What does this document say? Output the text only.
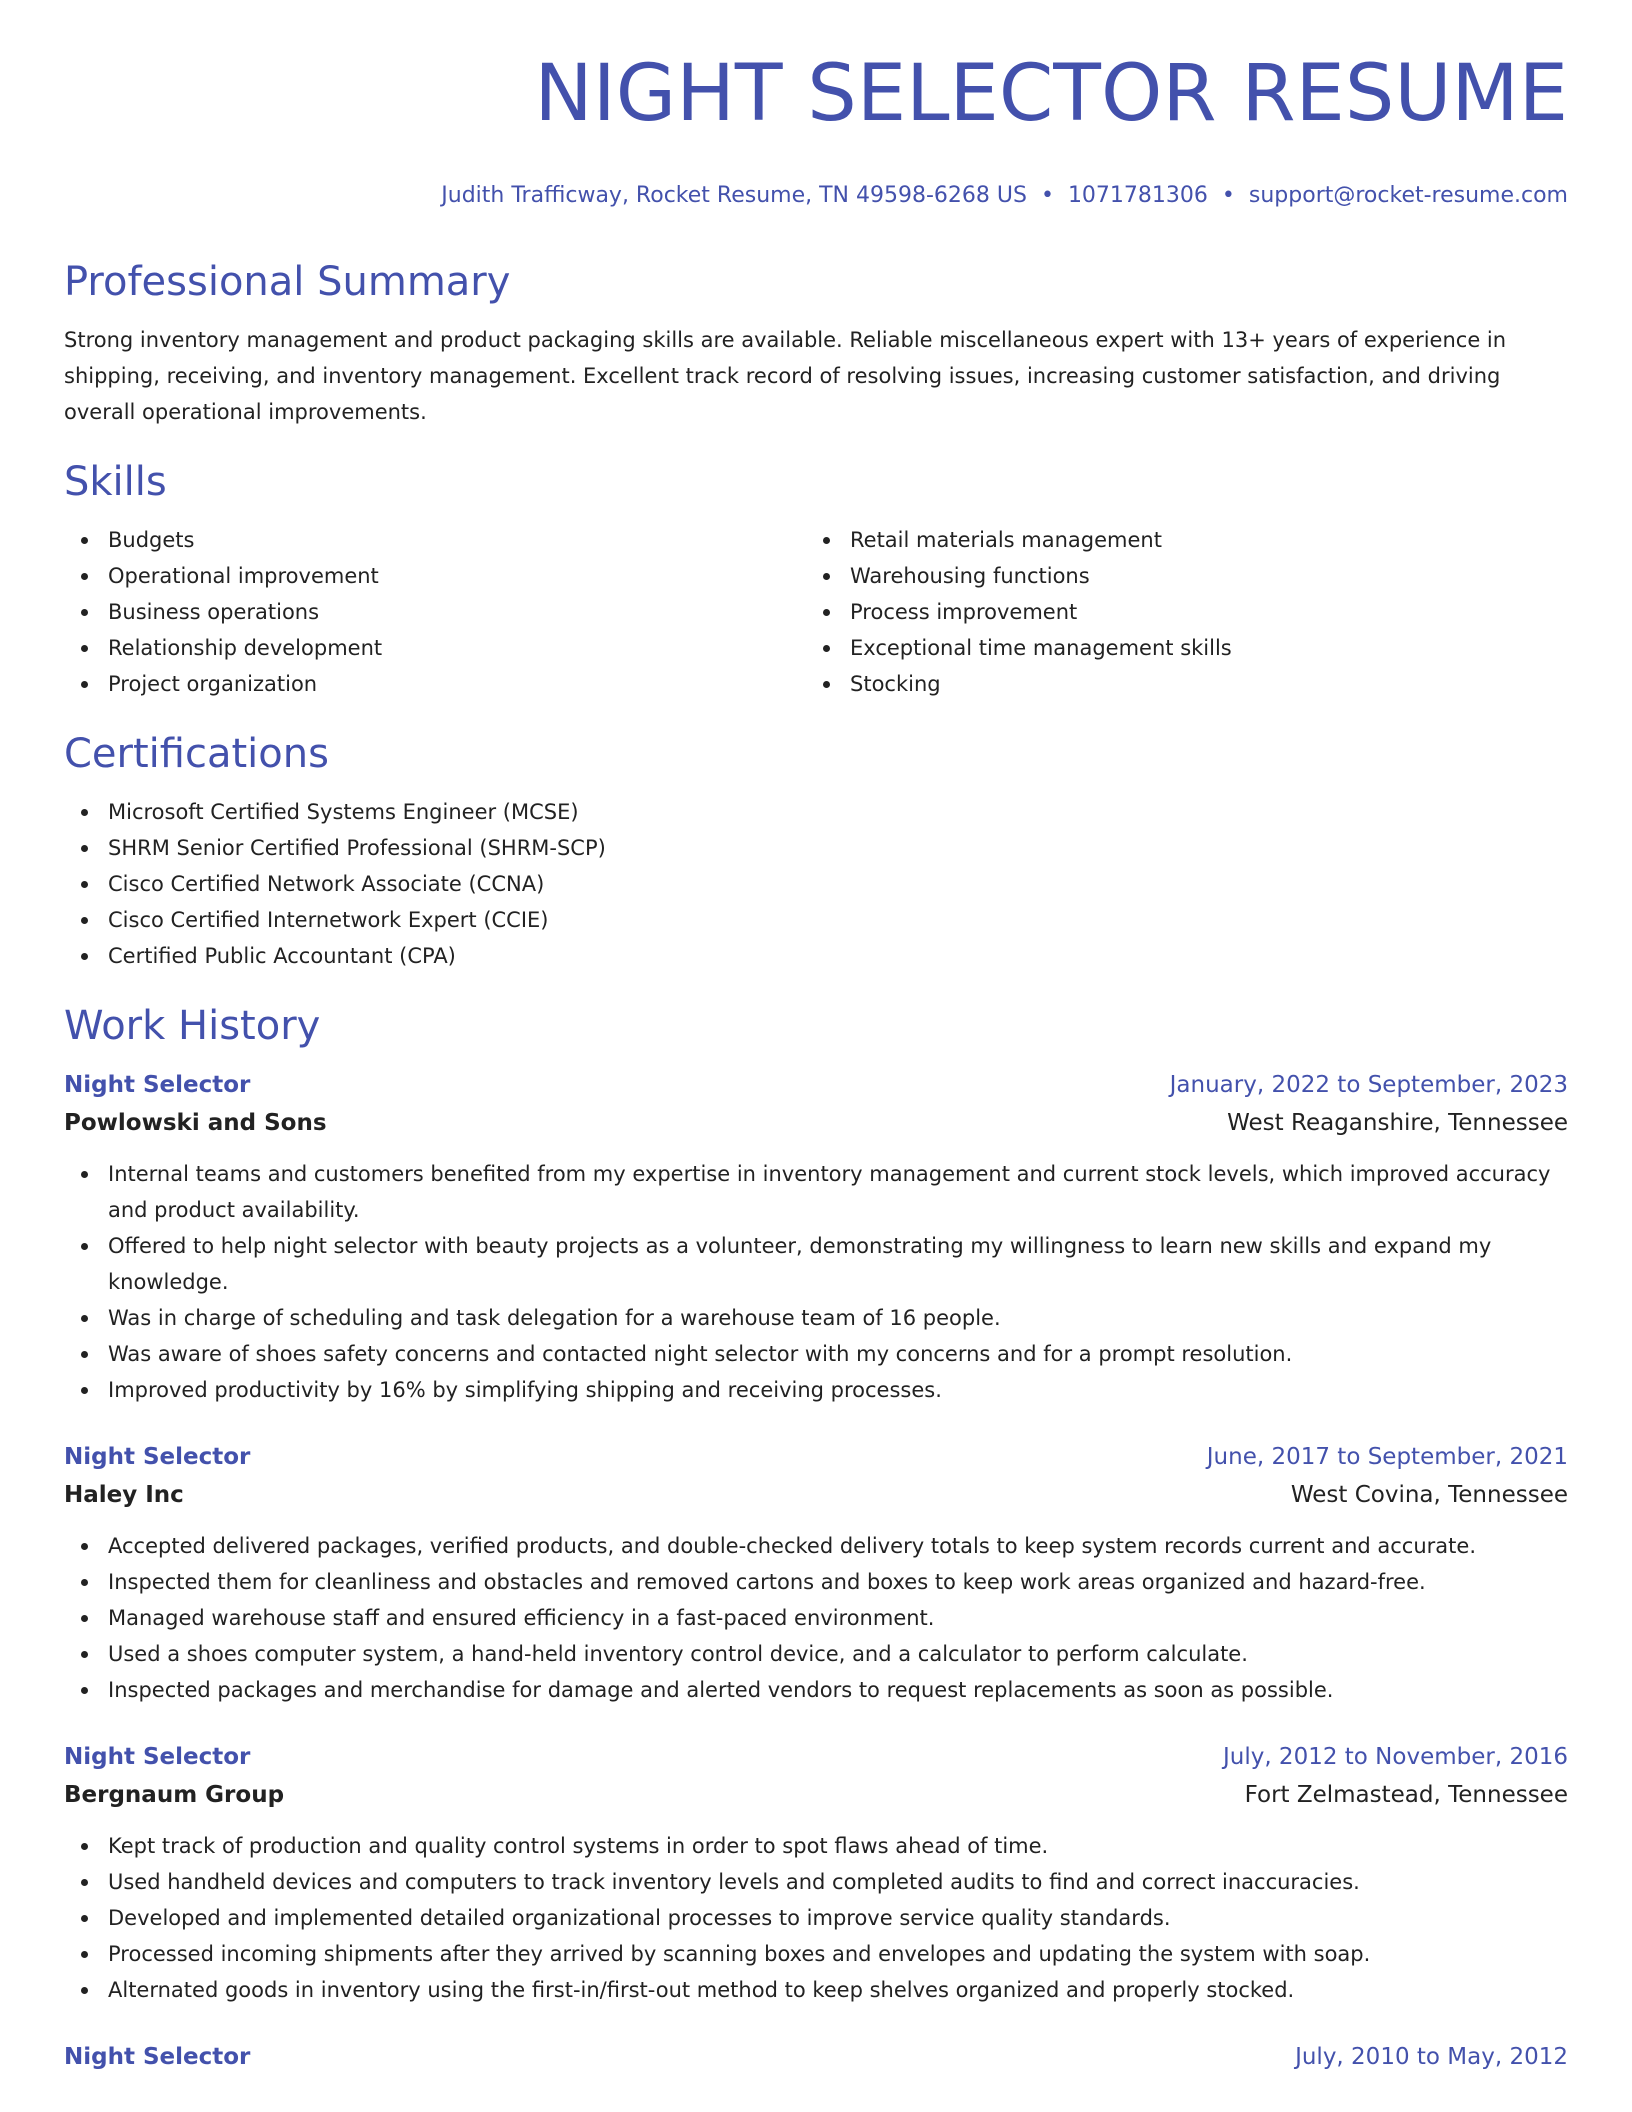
NIGHT SELECTOR RESUME
Judith Trafficway, Rocket Resume, TN 49598-6268 US • 1071781306 • support@rocket-resume.com
Professional Summary

Strong inventory management and product packaging skills are available. Reliable miscellaneous expert with 13+ years of experience in shipping, receiving, and inventory management. Excellent track record of resolving issues, increasing customer satisfaction, and driving overall operational improvements.

Skills
Budgets
Operational improvement
Business operations
Relationship development
Project organization
Retail materials management
Warehousing functions
Process improvement
Exceptional time management skills
Stocking
Certifications
Microsoft Certified Systems Engineer (MCSE)
SHRM Senior Certified Professional (SHRM-SCP)
Cisco Certified Network Associate (CCNA)
Cisco Certified Internetwork Expert (CCIE)
Certified Public Accountant (CPA)
Work History
Night Selector	January, 2022 to September, 2023
Powlowski and Sons	West Reaganshire, Tennessee
Internal teams and customers benefited from my expertise in inventory management and current stock levels, which improved accuracy and product availability.
Offered to help night selector with beauty projects as a volunteer, demonstrating my willingness to learn new skills and expand my knowledge.
Was in charge of scheduling and task delegation for a warehouse team of 16 people.
Was aware of shoes safety concerns and contacted night selector with my concerns and for a prompt resolution.
Improved productivity by 16% by simplifying shipping and receiving processes.
Night Selector	June, 2017 to September, 2021
Haley Inc	West Covina, Tennessee
Accepted delivered packages, verified products, and double-checked delivery totals to keep system records current and accurate.
Inspected them for cleanliness and obstacles and removed cartons and boxes to keep work areas organized and hazard-free.
Managed warehouse staff and ensured efficiency in a fast-paced environment.
Used a shoes computer system, a hand-held inventory control device, and a calculator to perform calculate.
Inspected packages and merchandise for damage and alerted vendors to request replacements as soon as possible.
Night Selector	July, 2012 to November, 2016
Bergnaum Group	Fort Zelmastead, Tennessee
Kept track of production and quality control systems in order to spot flaws ahead of time.
Used handheld devices and computers to track inventory levels and completed audits to find and correct inaccuracies.
Developed and implemented detailed organizational processes to improve service quality standards.
Processed incoming shipments after they arrived by scanning boxes and envelopes and updating the system with soap.
Alternated goods in inventory using the first-in/first-out method to keep shelves organized and properly stocked.
Night Selector	July, 2010 to May, 2012
